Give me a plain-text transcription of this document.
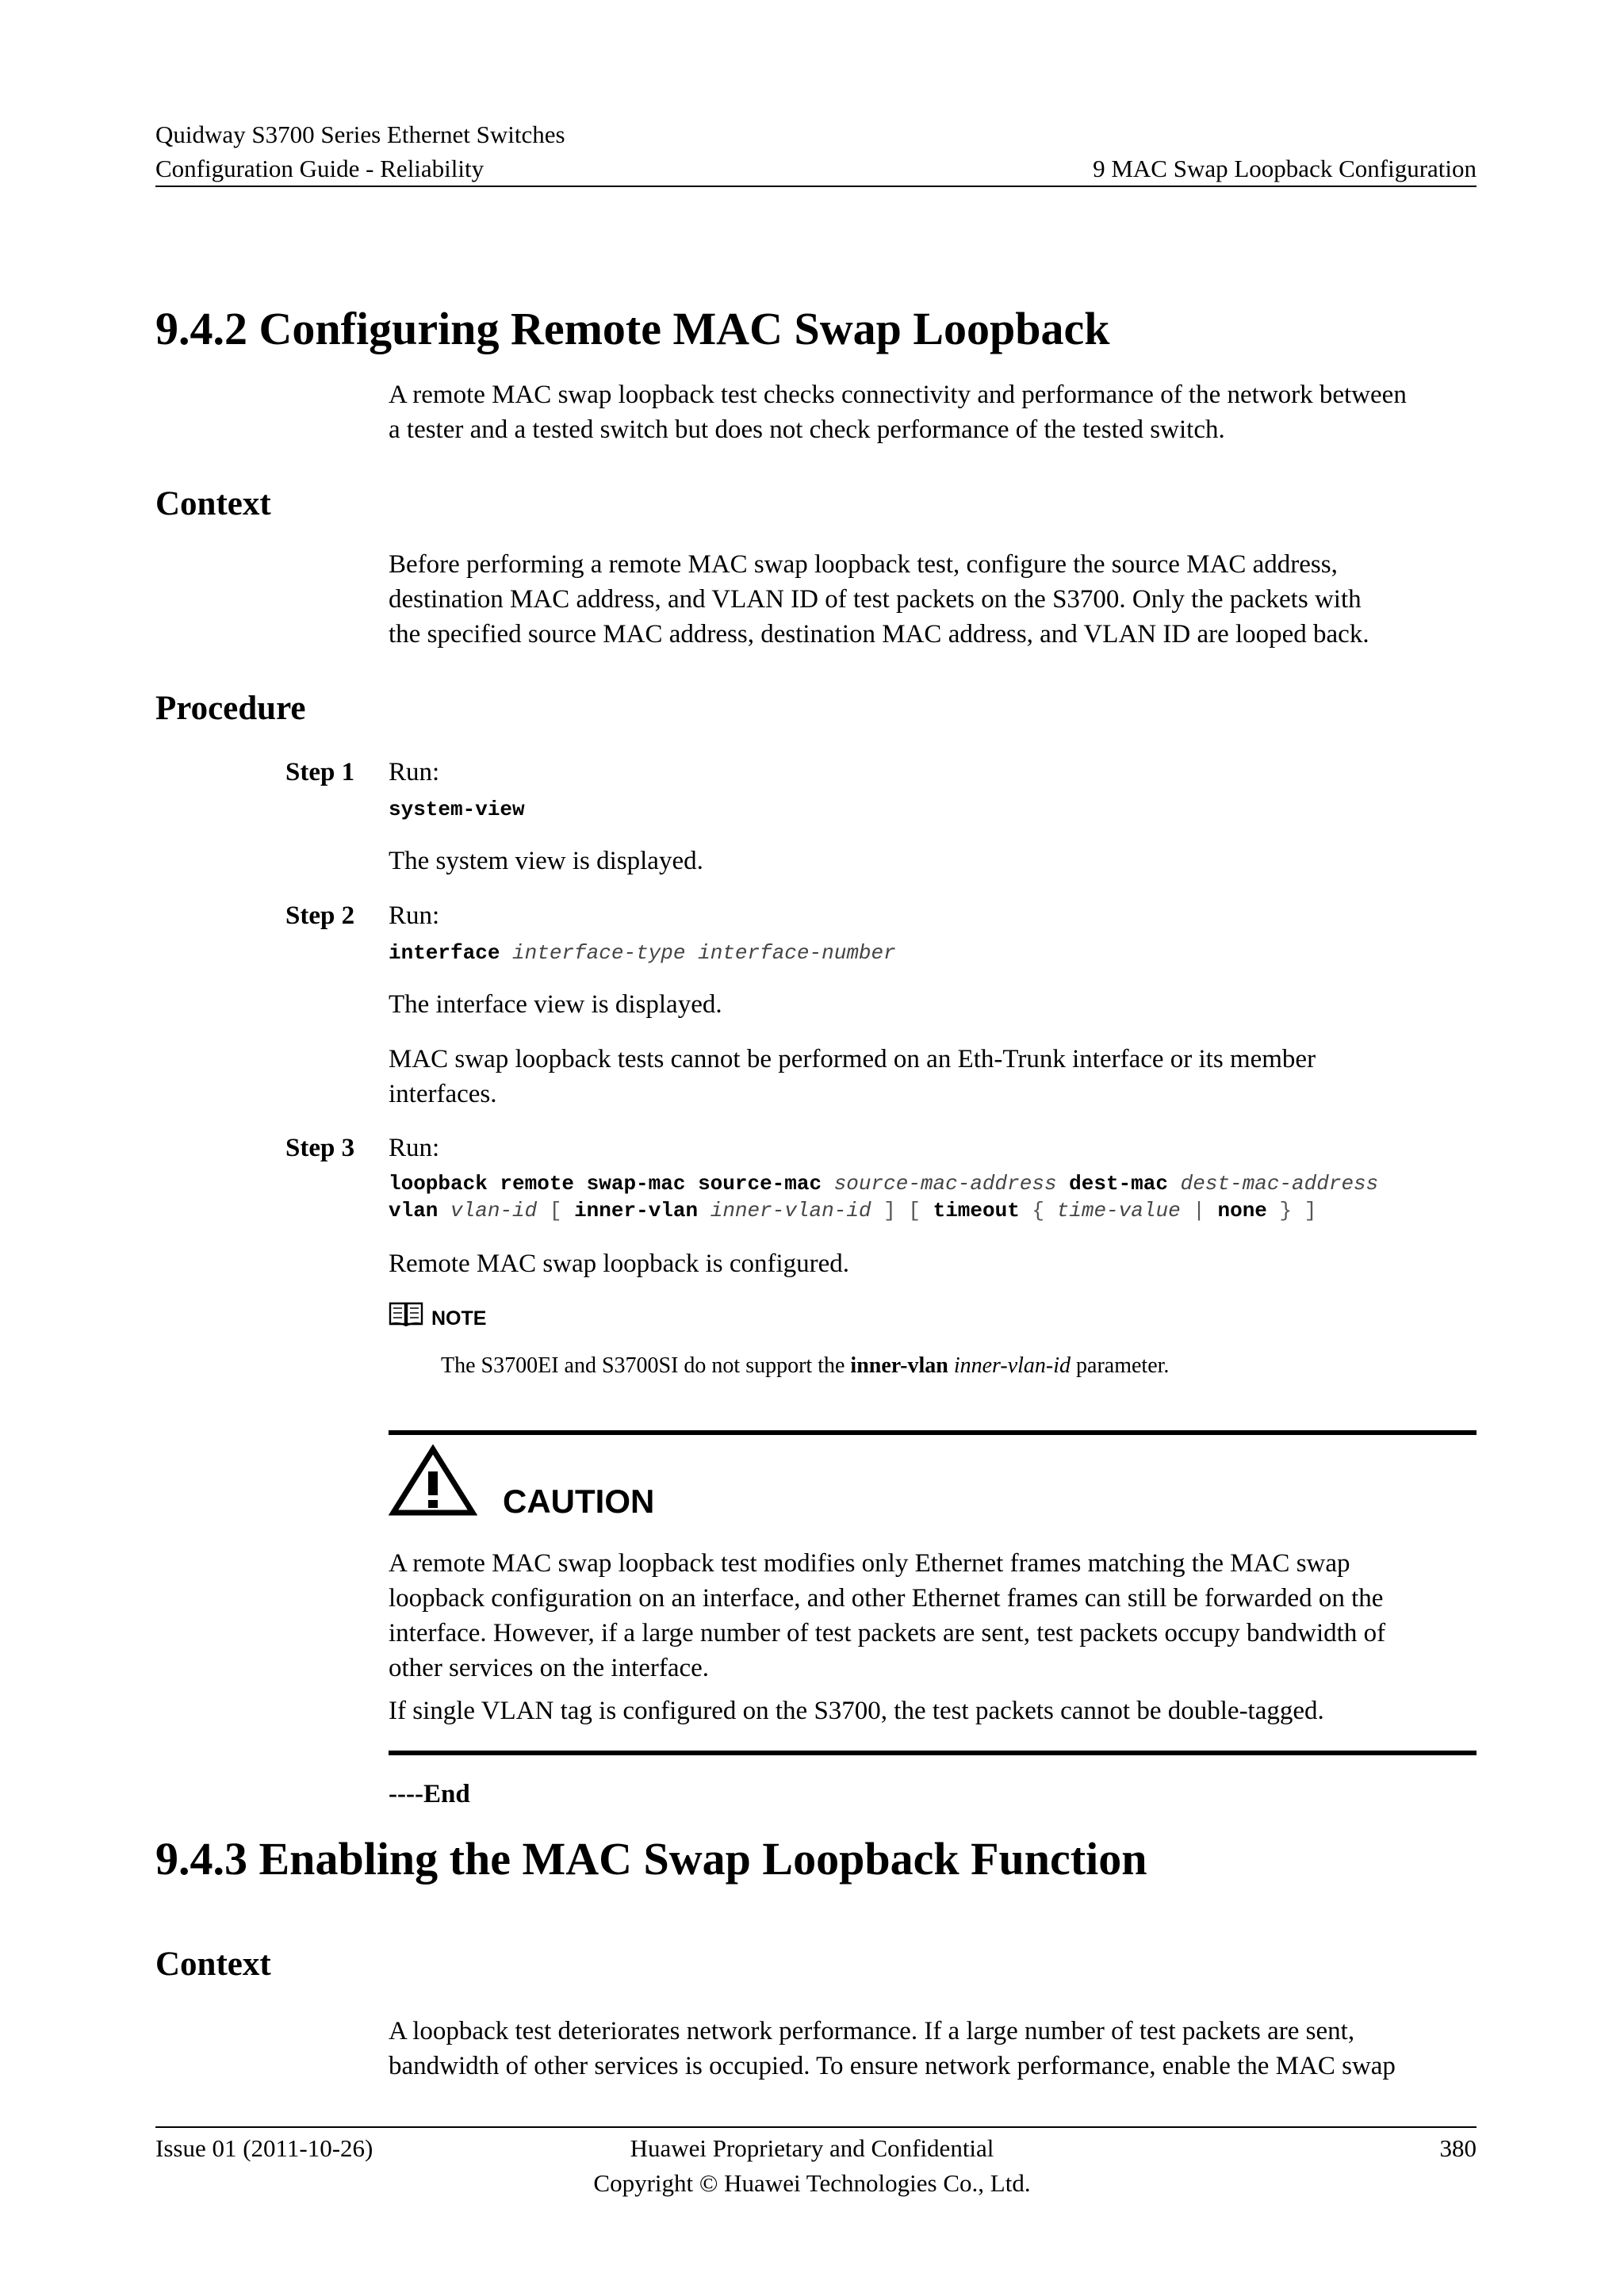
Quidway S3700 Series Ethernet Switches
Configuration Guide - Reliability	9 MAC Swap Loopback Configuration
9.4.2 Configuring Remote MAC Swap Loopback
A remote MAC swap loopback test checks connectivity and performance of the network between
a tester and a tested switch but does not check performance of the tested switch.
Context
Before performing a remote MAC swap loopback test, configure the source MAC address,
destination MAC address, and VLAN ID of test packets on the S3700. Only the packets with
the specified source MAC address, destination MAC address, and VLAN ID are looped back.
Procedure
Step 1 Run:
system-view
The system view is displayed.
Step 2 Run:
interface interface-type interface-number
The interface view is displayed.
MAC swap loopback tests cannot be performed on an Eth-Trunk interface or its member
interfaces.
Step 3 Run:
loopback remote swap-mac source-mac source-mac-address dest-mac dest-mac-address
vlan vlan-id [ inner-vlan inner-vlan-id ] [ timeout { time-value | none } ]
Remote MAC swap loopback is configured.
NOTE
The S3700EI and S3700SI do not support the inner-vlan inner-vlan-id parameter.
CAUTION
A remote MAC swap loopback test modifies only Ethernet frames matching the MAC swap
loopback configuration on an interface, and other Ethernet frames can still be forwarded on the
interface. However, if a large number of test packets are sent, test packets occupy bandwidth of
other services on the interface.
If single VLAN tag is configured on the S3700, the test packets cannot be double-tagged.
----End
9.4.3 Enabling the MAC Swap Loopback Function
Context
A loopback test deteriorates network performance. If a large number of test packets are sent,
bandwidth of other services is occupied. To ensure network performance, enable the MAC swap
Issue 01 (2011-10-26)	Huawei Proprietary and Confidential
Copyright © Huawei Technologies Co., Ltd.
380
